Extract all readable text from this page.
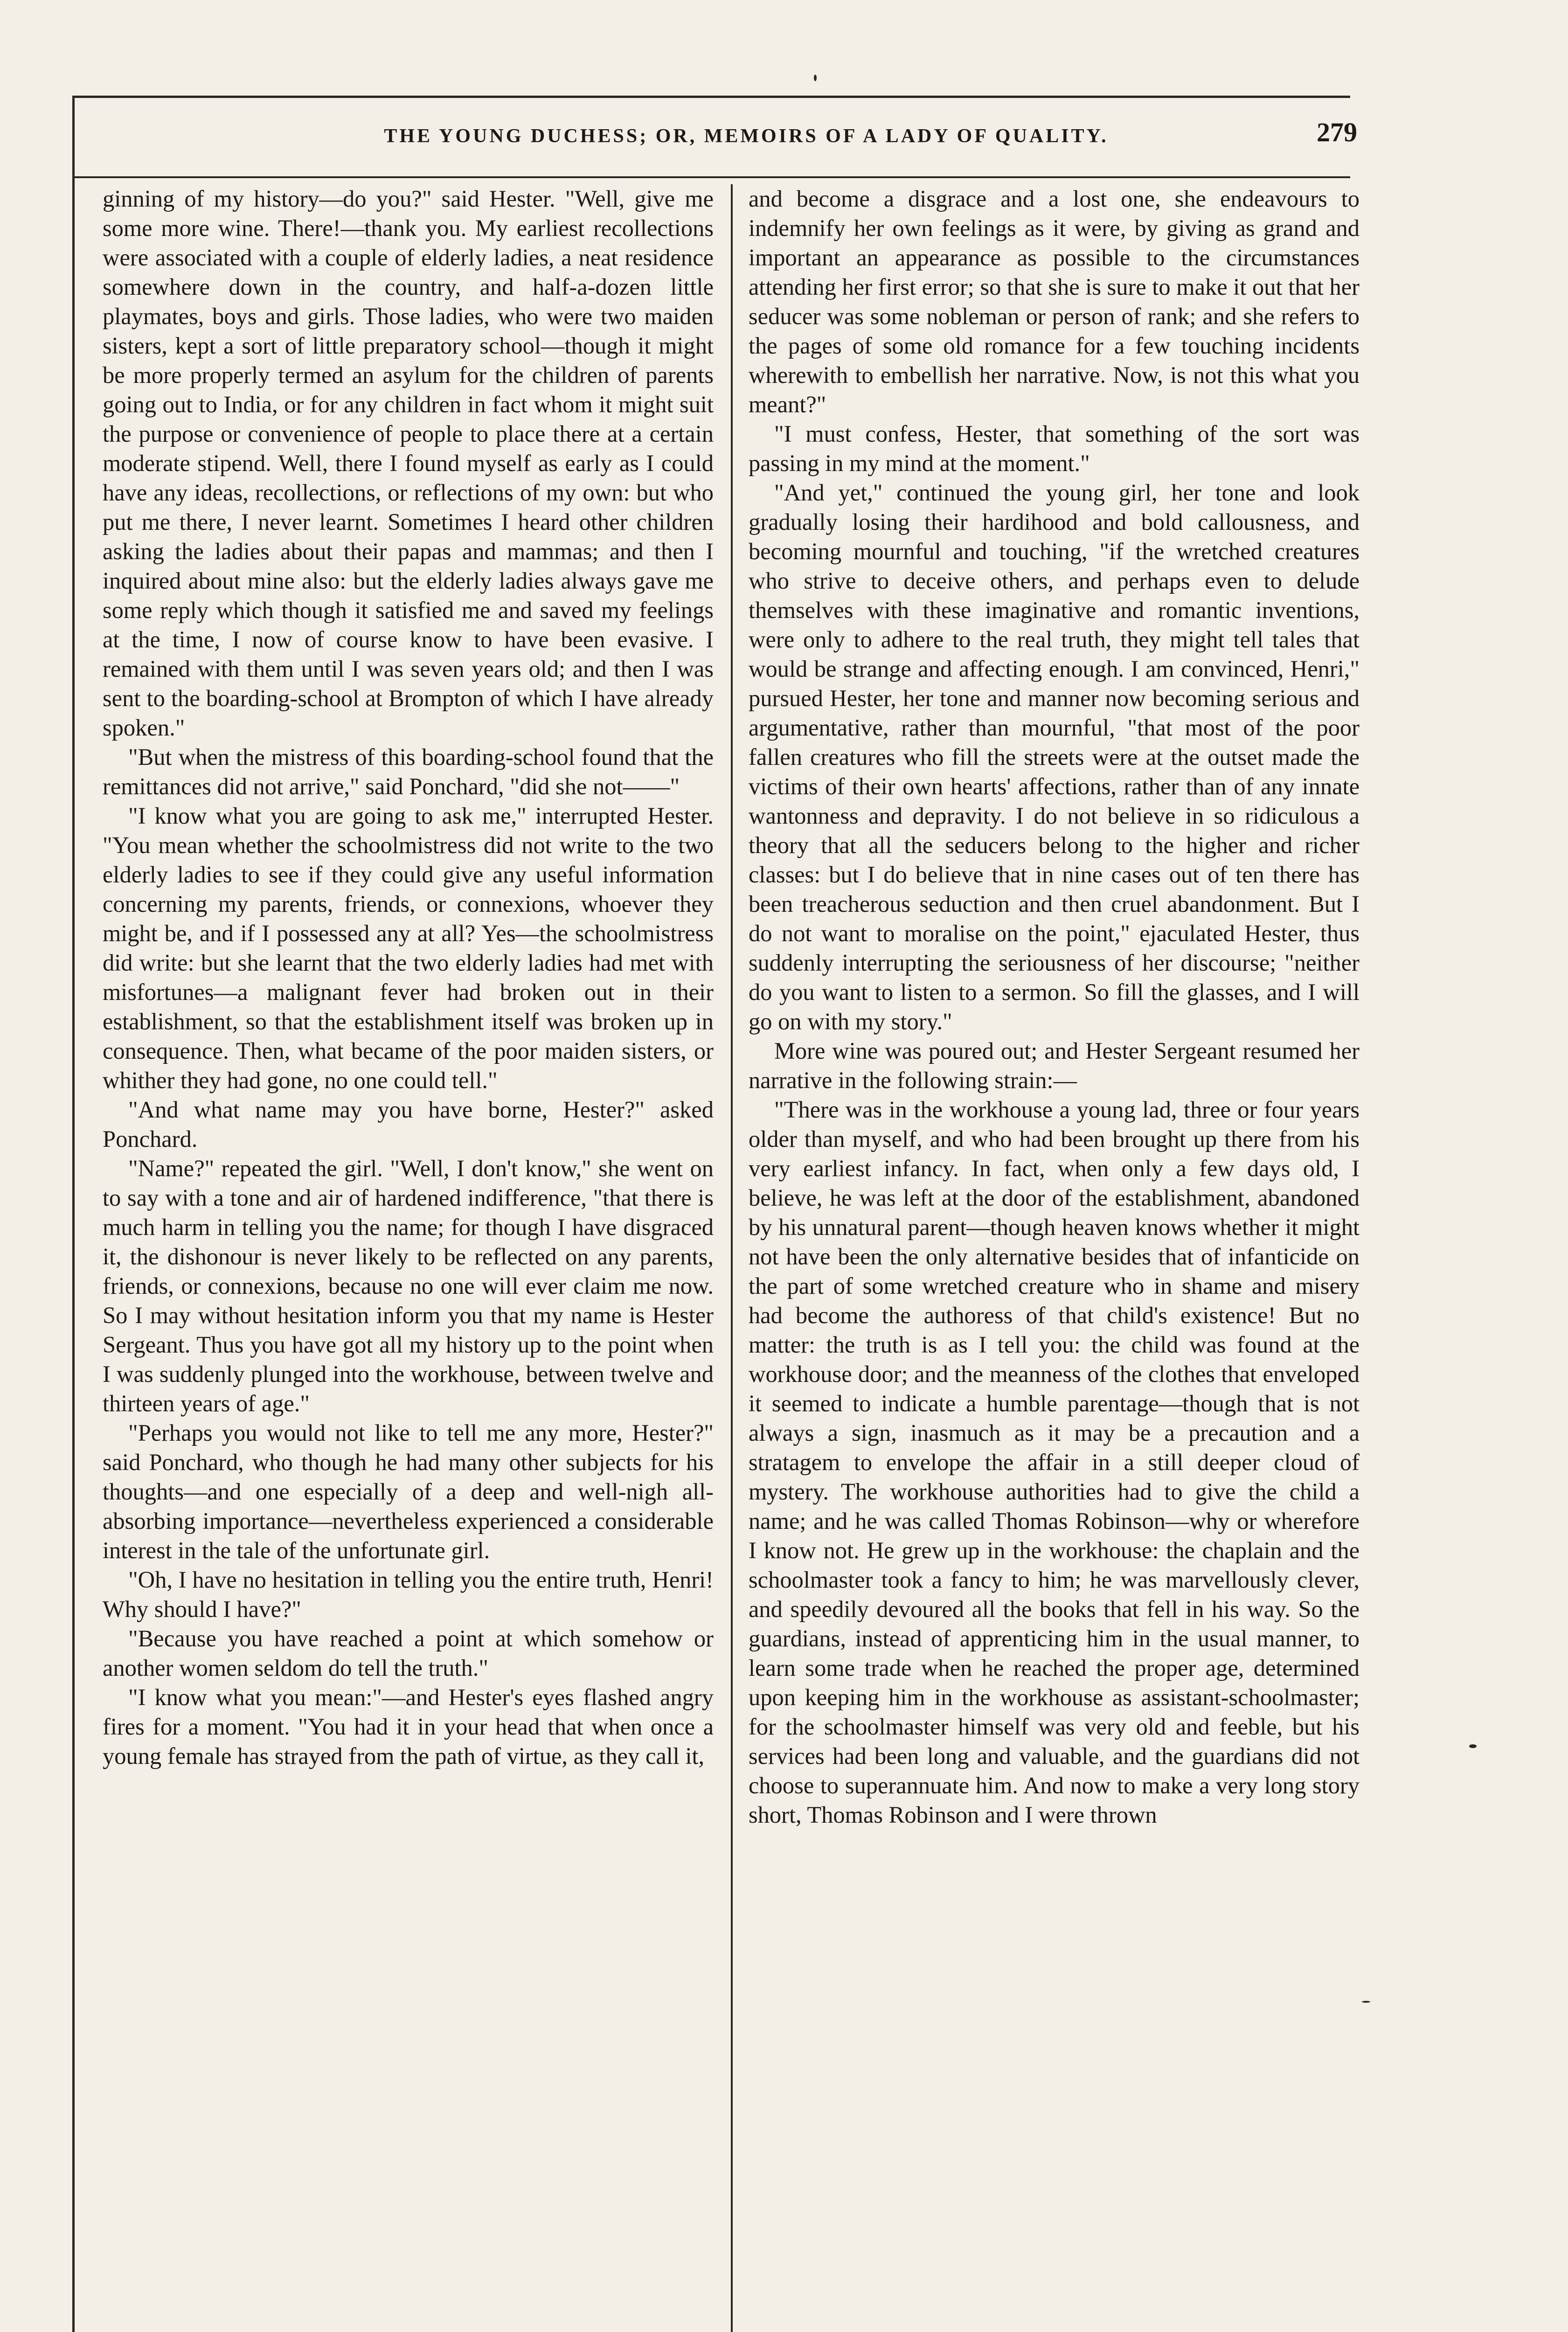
THE YOUNG DUCHESS; OR, MEMOIRS OF A LADY OF QUALITY.	279

ginning of my history—do you?" said Hester. "Well, give me some more wine. There!—thank you. My earliest recollections were associated with a couple of elderly ladies, a neat residence somewhere down in the country, and half-a-dozen little playmates, boys and girls. Those ladies, who were two maiden sisters, kept a sort of little preparatory school—though it might be more properly termed an asylum for the children of parents going out to India, or for any children in fact whom it might suit the purpose or convenience of people to place there at a certain moderate stipend. Well, there I found myself as early as I could have any ideas, recollections, or reflections of my own: but who put me there, I never learnt. Sometimes I heard other children asking the ladies about their papas and mammas; and then I inquired about mine also: but the elderly ladies always gave me some reply which though it satisfied me and saved my feelings at the time, I now of course know to have been evasive. I remained with them until I was seven years old; and then I was sent to the boarding-school at Brompton of which I have already spoken."

"But when the mistress of this boarding-school found that the remittances did not arrive," said Ponchard, "did she not——"

"I know what you are going to ask me," interrupted Hester. "You mean whether the schoolmistress did not write to the two elderly ladies to see if they could give any useful information concerning my parents, friends, or connexions, whoever they might be, and if I possessed any at all? Yes—the schoolmistress did write: but she learnt that the two elderly ladies had met with misfortunes—a malignant fever had broken out in their establishment, so that the establishment itself was broken up in consequence. Then, what became of the poor maiden sisters, or whither they had gone, no one could tell."

"And what name may you have borne, Hester?" asked Ponchard.

"Name?" repeated the girl. "Well, I don't know," she went on to say with a tone and air of hardened indifference, "that there is much harm in telling you the name; for though I have disgraced it, the dishonour is never likely to be reflected on any parents, friends, or connexions, because no one will ever claim me now. So I may without hesitation inform you that my name is Hester Sergeant. Thus you have got all my history up to the point when I was suddenly plunged into the workhouse, between twelve and thirteen years of age."

"Perhaps you would not like to tell me any more, Hester?" said Ponchard, who though he had many other subjects for his thoughts—and one especially of a deep and well-nigh all-absorbing importance—nevertheless experienced a considerable interest in the tale of the unfortunate girl.

"Oh, I have no hesitation in telling you the entire truth, Henri! Why should I have?"

"Because you have reached a point at which somehow or another women seldom do tell the truth."

"I know what you mean:"—and Hester's eyes flashed angry fires for a moment. "You had it in your head that when once a young female has strayed from the path of virtue, as they call it,

and become a disgrace and a lost one, she endeavours to indemnify her own feelings as it were, by giving as grand and important an appearance as possible to the circumstances attending her first error; so that she is sure to make it out that her seducer was some nobleman or person of rank; and she refers to the pages of some old romance for a few touching incidents wherewith to embellish her narrative. Now, is not this what you meant?"

"I must confess, Hester, that something of the sort was passing in my mind at the moment."

"And yet," continued the young girl, her tone and look gradually losing their hardihood and bold callousness, and becoming mournful and touching, "if the wretched creatures who strive to deceive others, and perhaps even to delude themselves with these imaginative and romantic inventions, were only to adhere to the real truth, they might tell tales that would be strange and affecting enough. I am convinced, Henri," pursued Hester, her tone and manner now becoming serious and argumentative, rather than mournful, "that most of the poor fallen creatures who fill the streets were at the outset made the victims of their own hearts' affections, rather than of any innate wantonness and depravity. I do not believe in so ridiculous a theory that all the seducers belong to the higher and richer classes: but I do believe that in nine cases out of ten there has been treacherous seduction and then cruel abandonment. But I do not want to moralise on the point," ejaculated Hester, thus suddenly interrupting the seriousness of her discourse; "neither do you want to listen to a sermon. So fill the glasses, and I will go on with my story."

More wine was poured out; and Hester Sergeant resumed her narrative in the following strain:—

"There was in the workhouse a young lad, three or four years older than myself, and who had been brought up there from his very earliest infancy. In fact, when only a few days old, I believe, he was left at the door of the establishment, abandoned by his unnatural parent—though heaven knows whether it might not have been the only alternative besides that of infanticide on the part of some wretched creature who in shame and misery had become the authoress of that child's existence! But no matter: the truth is as I tell you: the child was found at the workhouse door; and the meanness of the clothes that enveloped it seemed to indicate a humble parentage—though that is not always a sign, inasmuch as it may be a precaution and a stratagem to envelope the affair in a still deeper cloud of mystery. The workhouse authorities had to give the child a name; and he was called Thomas Robinson—why or wherefore I know not. He grew up in the workhouse: the chaplain and the schoolmaster took a fancy to him; he was marvellously clever, and speedily devoured all the books that fell in his way. So the guardians, instead of apprenticing him in the usual manner, to learn some trade when he reached the proper age, determined upon keeping him in the workhouse as assistant-schoolmaster; for the schoolmaster himself was very old and feeble, but his services had been long and valuable, and the guardians did not choose to superannuate him. And now to make a very long story short, Thomas Robinson and I were thrown
